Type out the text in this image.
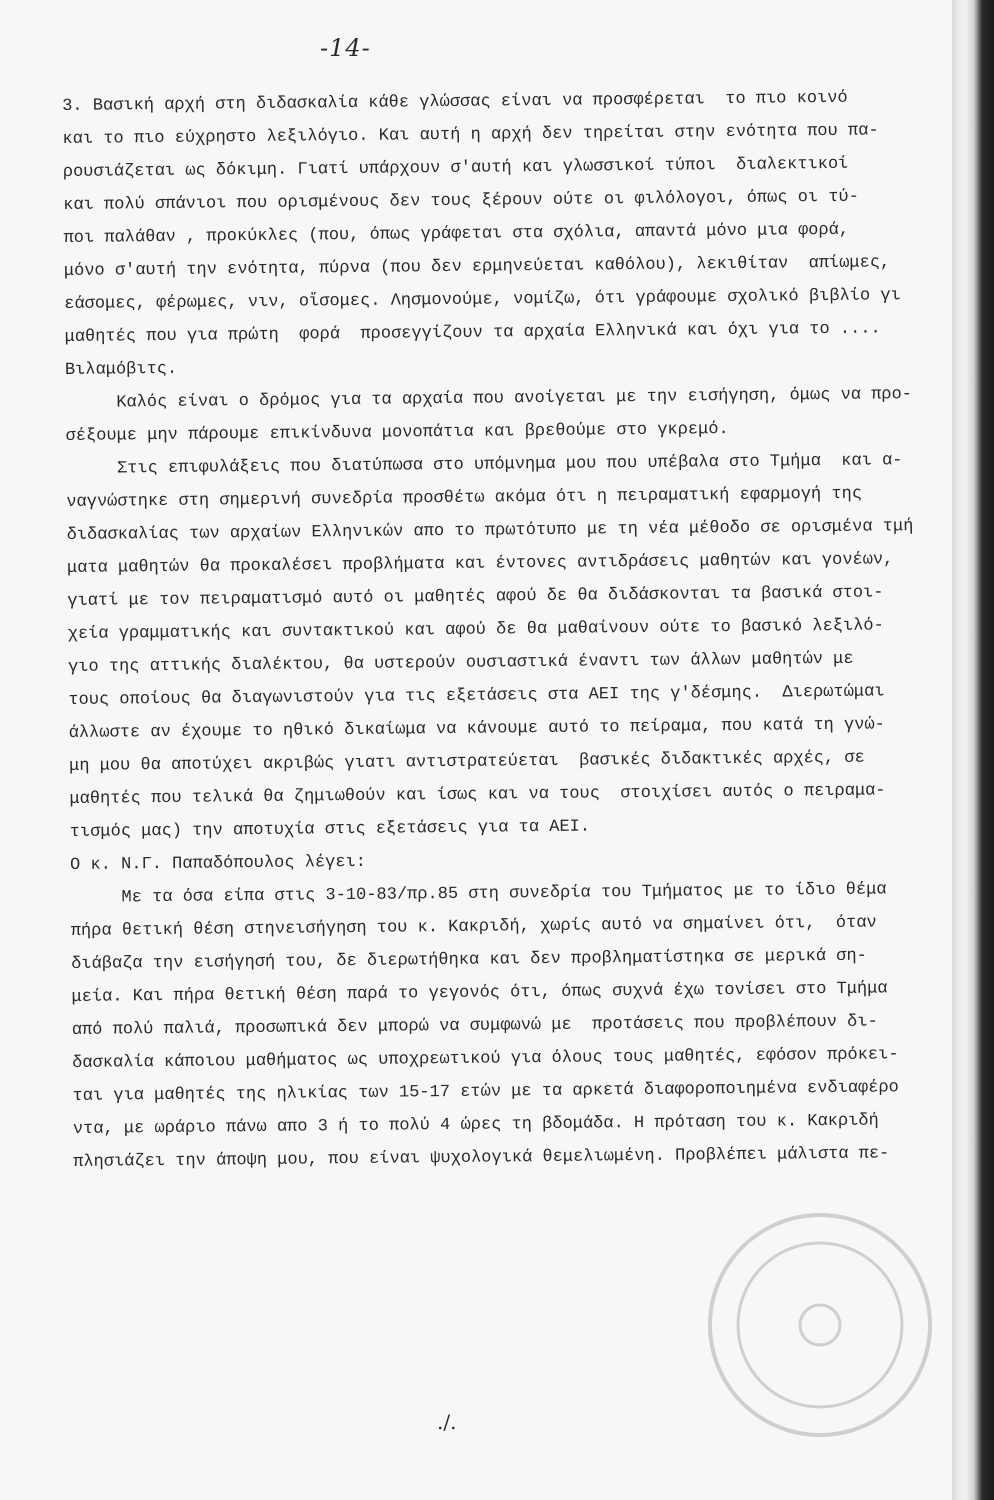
-14-
3. Βασική αρχή στη διδασκαλία κάθε γλώσσας είναι να προσφέρεται  το πιο κοινό
και το πιο εύχρηστο λεξιλόγιο. Και αυτή η αρχή δεν τηρείται στην ενότητα που πα-
ρουσιάζεται ως δόκιμη. Γιατί υπάρχουν σ'αυτή και γλωσσικοί τύποι  διαλεκτικοί
και πολύ σπάνιοι που ορισμένους δεν τους ξέρουν ούτε οι φιλόλογοι, όπως οι τύ-
ποι παλάθαν , προκύκλες (που, όπως γράφεται στα σχόλια, απαντά μόνο μια φορά,
μόνο σ'αυτή την ενότητα, πύρνα (που δεν ερμηνεύεται καθόλου), λεκιθίταν  απίωμες,
εάσομες, φέρωμες, νιν, οἴσομες. Λησμονούμε, νομίζω, ότι γράφουμε σχολικό βιβλίο γι
μαθητές που για πρώτη  φορά  προσεγγίζουν τα αρχαία Ελληνικά και όχι για το ....
Βιλαμόβιτς.
Καλός είναι ο δρόμος για τα αρχαία που ανοίγεται με την εισήγηση, όμως να προ-
σέξουμε μην πάρουμε επικίνδυνα μονοπάτια και βρεθούμε στο γκρεμό.
Στις επιφυλάξεις που διατύπωσα στο υπόμνημα μου που υπέβαλα στο Τμήμα  και α-
ναγνώστηκε στη σημερινή συνεδρία προσθέτω ακόμα ότι η πειραματική εφαρμογή της
διδασκαλίας των αρχαίων Ελληνικών απο το πρωτότυπο με τη νέα μέθοδο σε ορισμένα τμή
ματα μαθητών θα προκαλέσει προβλήματα και έντονες αντιδράσεις μαθητών και γονέων,
γιατί με τον πειραματισμό αυτό οι μαθητές αφού δε θα διδάσκονται τα βασικά στοι-
χεία γραμματικής και συντακτικού και αφού δε θα μαθαίνουν ούτε το βασικό λεξιλό-
γιο της αττικής διαλέκτου, θα υστερούν ουσιαστικά έναντι των άλλων μαθητών με
τους οποίους θα διαγωνιστούν για τις εξετάσεις στα ΑΕΙ της γ'δέσμης.  Διερωτώμαι
άλλωστε αν έχουμε το ηθικό δικαίωμα να κάνουμε αυτό το πείραμα, που κατά τη γνώ-
μη μου θα αποτύχει ακριβώς γιατι αντιστρατεύεται  βασικές διδακτικές αρχές, σε
μαθητές που τελικά θα ζημιωθούν και ίσως και να τους  στοιχίσει αυτός ο πειραμα-
τισμός μας) την αποτυχία στις εξετάσεις για τα ΑΕΙ.
Ο κ. Ν.Γ. Παπαδόπουλος λέγει:
Με τα όσα είπα στις 3-10-83/πρ.85 στη συνεδρία του Τμήματος με το ίδιο θέμα
πήρα θετική θέση στηνεισήγηση του κ. Κακριδή, χωρίς αυτό να σημαίνει ότι,  όταν
διάβαζα την εισήγησή του, δε διερωτήθηκα και δεν προβληματίστηκα σε μερικά ση-
μεία. Και πήρα θετική θέση παρά το γεγονός ότι, όπως συχνά έχω τονίσει στο Τμήμα
από πολύ παλιά, προσωπικά δεν μπορώ να συμφωνώ με  προτάσεις που προβλέπουν δι-
δασκαλία κάποιου μαθήματος ως υποχρεωτικού για όλους τους μαθητές, εφόσον πρόκει-
ται για μαθητές της ηλικίας των 15-17 ετών με τα αρκετά διαφοροποιημένα ενδιαφέρο
ντα, με ωράριο πάνω απο 3 ή το πολύ 4 ώρες τη βδομάδα. Η πρόταση του κ. Κακριδή
πλησιάζει την άποψη μου, που είναι ψυχολογικά θεμελιωμένη. Προβλέπει μάλιστα πε-
./.
